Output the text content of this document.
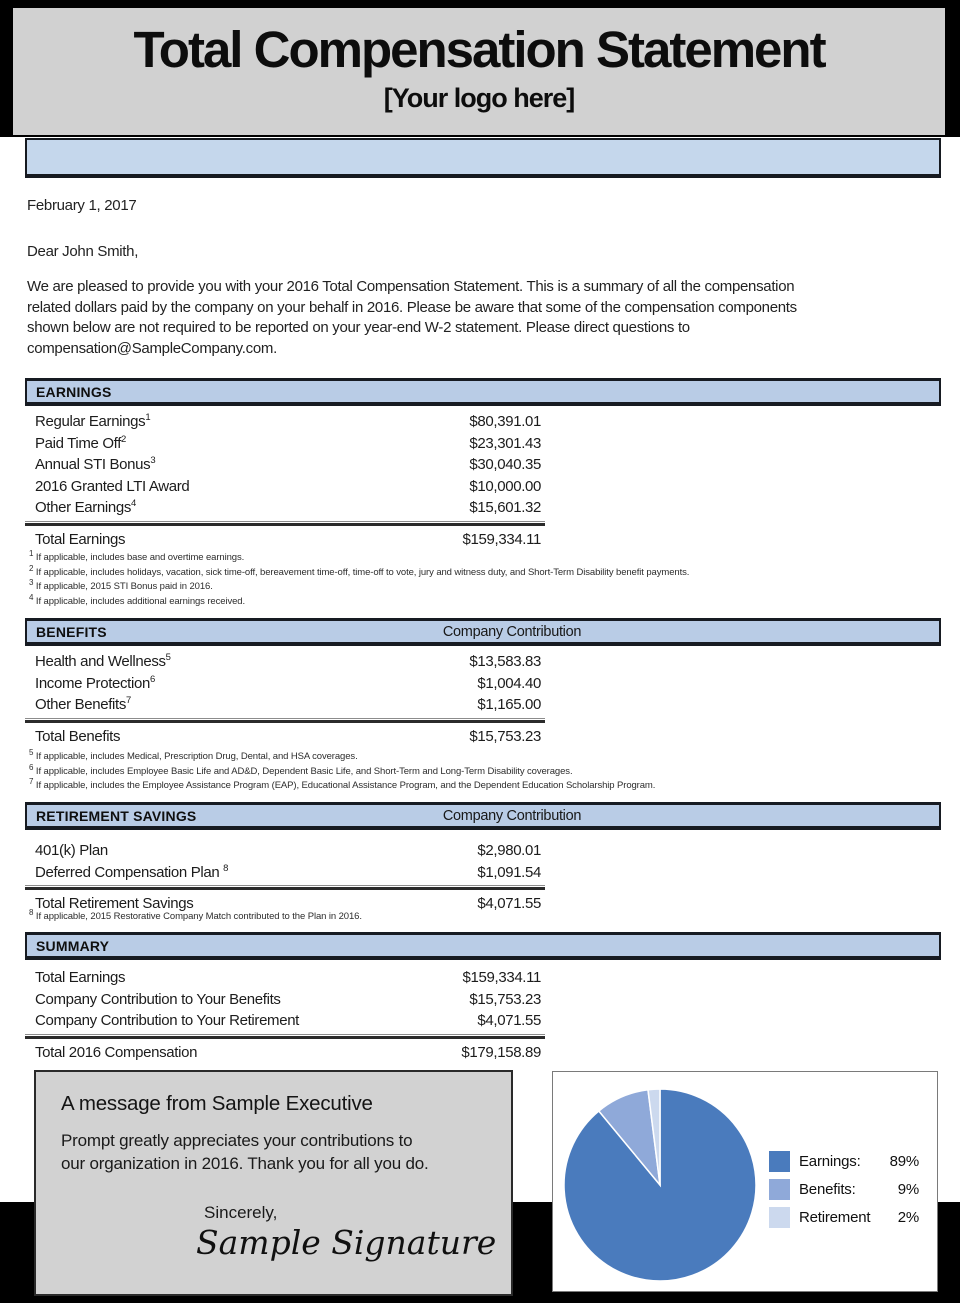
Total Compensation Statement
[Your logo here]
February 1, 2017
Dear John Smith,
We are pleased to provide you with your 2016 Total Compensation Statement. This is a summary of all the compensation
related dollars paid by the company on your behalf in 2016. Please be aware that some of the compensation components
shown below are not required to be reported on your year-end W-2 statement. Please direct questions to
compensation@SampleCompany.com.
EARNINGS
Regular Earnings$^1$	$80,391.01
Paid Time Off$^2$	$23,301.43
Annual STI Bonus$^3$	$30,040.35
2016 Granted LTI Award	$10,000.00
Other Earnings$^4$	$15,601.32
Total Earnings	$159,334.11
$^1$ If applicable, includes base and overtime earnings.
$^2$ If applicable, includes holidays, vacation, sick time-off, bereavement time-off, time-off to vote, jury and witness duty, and Short-Term Disability benefit payments.
$^3$ If applicable, 2015 STI Bonus paid in 2016.
$^4$ If applicable, includes additional earnings received.
BENEFITS	Company Contribution
Health and Wellness$^5$	$13,583.83
Income Protection$^6$	$1,004.40
Other Benefits$^7$	$1,165.00
Total Benefits	$15,753.23
$^5$ If applicable, includes Medical, Prescription Drug, Dental, and HSA coverages.
$^6$ If applicable, includes Employee Basic Life and AD&D, Dependent Basic Life, and Short-Term and Long-Term Disability coverages.
$^7$ If applicable, includes the Employee Assistance Program (EAP), Educational Assistance Program, and the Dependent Education Scholarship Program.
RETIREMENT SAVINGS	Company Contribution
401(k) Plan	$2,980.01
Deferred Compensation Plan $^8$	$1,091.54
Total Retirement Savings	$4,071.55
$^8$ If applicable, 2015 Restorative Company Match contributed to the Plan in 2016.
SUMMARY
Total Earnings	$159,334.11
Company Contribution to Your Benefits	$15,753.23
Company Contribution to Your Retirement	$4,071.55
Total 2016 Compensation	$179,158.89
A message from Sample Executive
Prompt greatly appreciates your contributions to
our organization in 2016. Thank you for all you do.
Sincerely,
Sample Signature
Earnings:	89%
Benefits:	9%
Retirement	2%
